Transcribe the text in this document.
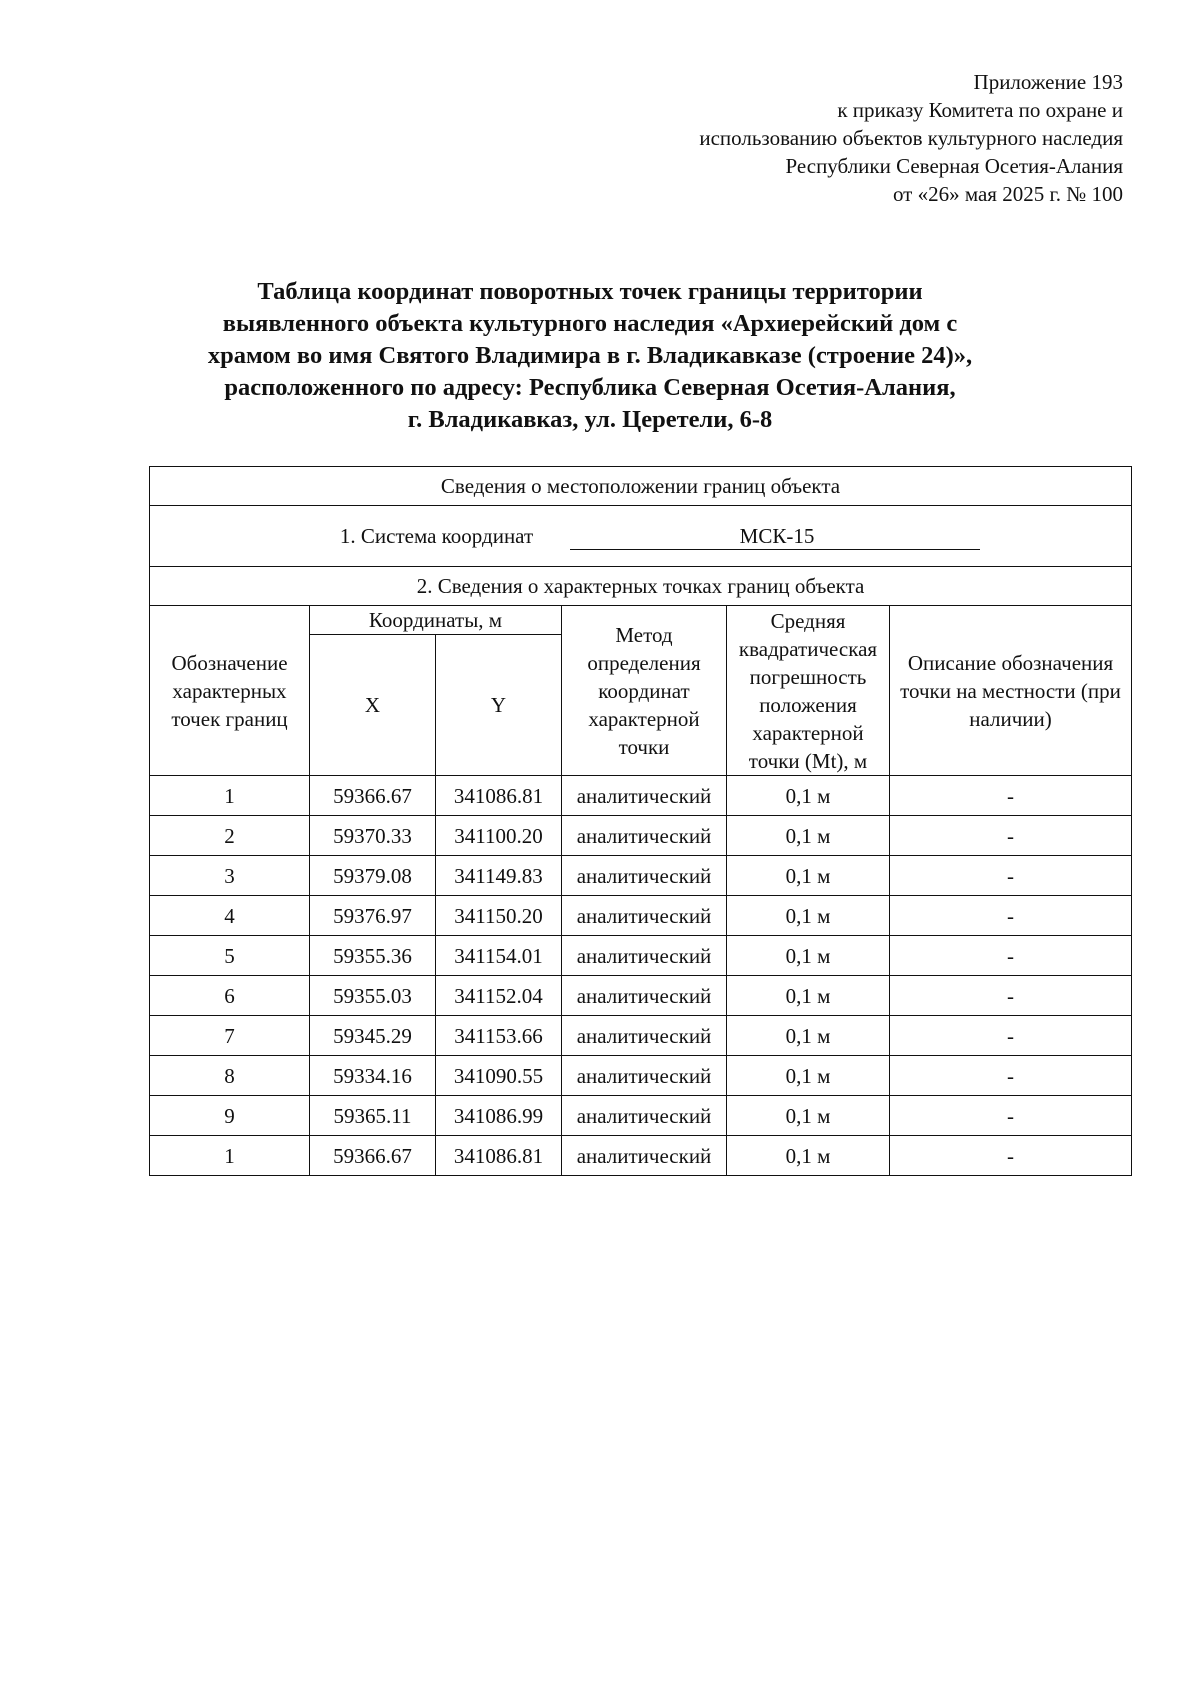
Приложение 193
к приказу Комитета по охране и
использованию объектов культурного наследия
Республики Северная Осетия-Алания
от «26» мая 2025 г. № 100
Таблица координат поворотных точек границы территории
выявленного объекта культурного наследия «Архиерейский дом с
храмом во имя Святого Владимира в г. Владикавказе (строение 24)»,
расположенного по адресу: Республика Северная Осетия-Алания,
г. Владикавказ, ул. Церетели, 6-8
Сведения о местоположении границ объекта					
1. Система координат МСК-15					
2. Сведения о характерных точках границ объекта					
Обозначение характерных точек границ	Координаты, м		Метод определения координат характерной точки	Средняя квадратическая погрешность положения характерной точки (Mt), м	Описание обозначения точки на местности (при наличии)
	X	Y			
1	59366.67	341086.81	аналитический	0,1 м	-
2	59370.33	341100.20	аналитический	0,1 м	-
3	59379.08	341149.83	аналитический	0,1 м	-
4	59376.97	341150.20	аналитический	0,1 м	-
5	59355.36	341154.01	аналитический	0,1 м	-
6	59355.03	341152.04	аналитический	0,1 м	-
7	59345.29	341153.66	аналитический	0,1 м	-
8	59334.16	341090.55	аналитический	0,1 м	-
9	59365.11	341086.99	аналитический	0,1 м	-
1	59366.67	341086.81	аналитический	0,1 м	-
